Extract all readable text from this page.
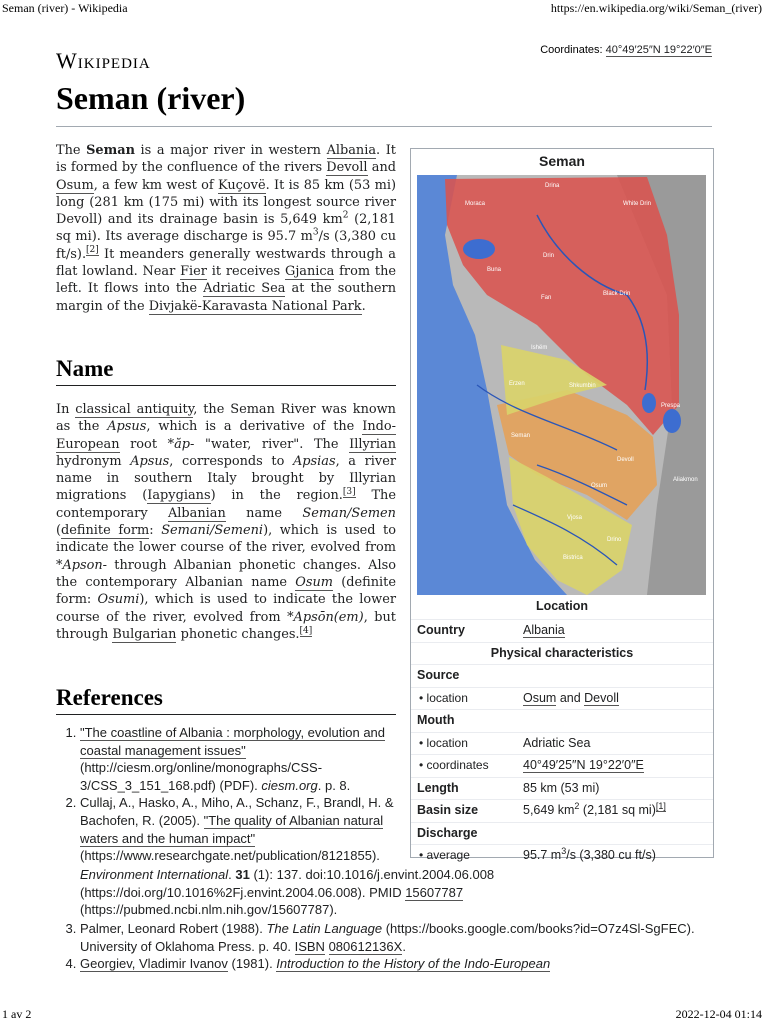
Seman (river) - Wikipedia	https://en.wikipedia.org/wiki/Seman_(river)
Wikipedia	Coordinates: 40°49′25″N 19°22′0″E
Seman (river)

The Seman is a major river in western Albania. It is formed by the confluence of the rivers Devoll and Osum, a few km west of Kuçovë. It is 85 km (53 mi) long (281 km (175 mi) with its longest source river Devoll) and its drainage basin is 5,649 $km^2$ (2,181 sq mi). Its average discharge is 95.7 $m^3/s$ (3,380 cu ft/s).[2] It meanders generally westwards through a flat lowland. Near Fier it receives Gjanica from the left. It flows into the Adriatic Sea at the southern margin of the Divjakë-Karavasta National Park.

Name

In classical antiquity, the Seman River was known as the Apsus, which is a derivative of the Indo-European root *ăp- "water, river". The Illyrian hydronym Apsus, corresponds to Apsias, a river name in southern Italy brought by Illyrian migrations (Iapygians) in the region.[3] The contemporary Albanian name Seman/Semen (definite form: Semani/Semeni), which is used to indicate the lower course of the river, evolved from *Apson- through Albanian phonetic changes. Also the contemporary Albanian name Osum (definite form: Osumi), which is used to indicate the lower course of the river, evolved from *Apsōn(em), but through Bulgarian phonetic changes.[4]

References
1. "The coastline of Albania : morphology, evolution and coastal management issues" (http://ciesm.org/online/monographs/CSS-3/CSS_3_151_168.pdf) (PDF). ciesm.org. p. 8.
2. Cullaj, A., Hasko, A., Miho, A., Schanz, F., Brandl, H. & Bachofen, R. (2005). "The quality of Albanian natural waters and the human impact" (https://www.researchgate.net/publication/8121855).
Environment International. 31 (1): 137. doi:10.1016/j.envint.2004.06.008 (https://doi.org/10.1016%2Fj.envint.2004.06.008). PMID 15607787 (https://pubmed.ncbi.nlm.nih.gov/15607787).
3. Palmer, Leonard Robert (1988). The Latin Language (https://books.google.com/books?id=O7z4Sl-SgFEC). University of Oklahoma Press. p. 40. ISBN 080612136X.
4. Georgiev, Vladimir Ivanov (1981). Introduction to the History of the Indo-European
Seman
Drina
White Drin
Moraca
Drin
Buna
Black Drin
Fan
Ishëm
Erzen	Shkumbin
Prespa
Seman
Devoll
Aliakmon
Osum
Vjosa
Drino
Bistrica
Location
Country	Albania
Physical characteristics
Source
• location	Osum and Devoll
Mouth
• location	Adriatic Sea
• coordinates	40°49′25″N 19°22′0″E
Length	85 km (53 mi)
Basin size	5,649 $km^2$ (2,181 sq mi)[1]
Discharge
• average	95.7 $m^3/s$ (3,380 cu ft/s)
1 av 2	2022-12-04 01:14
